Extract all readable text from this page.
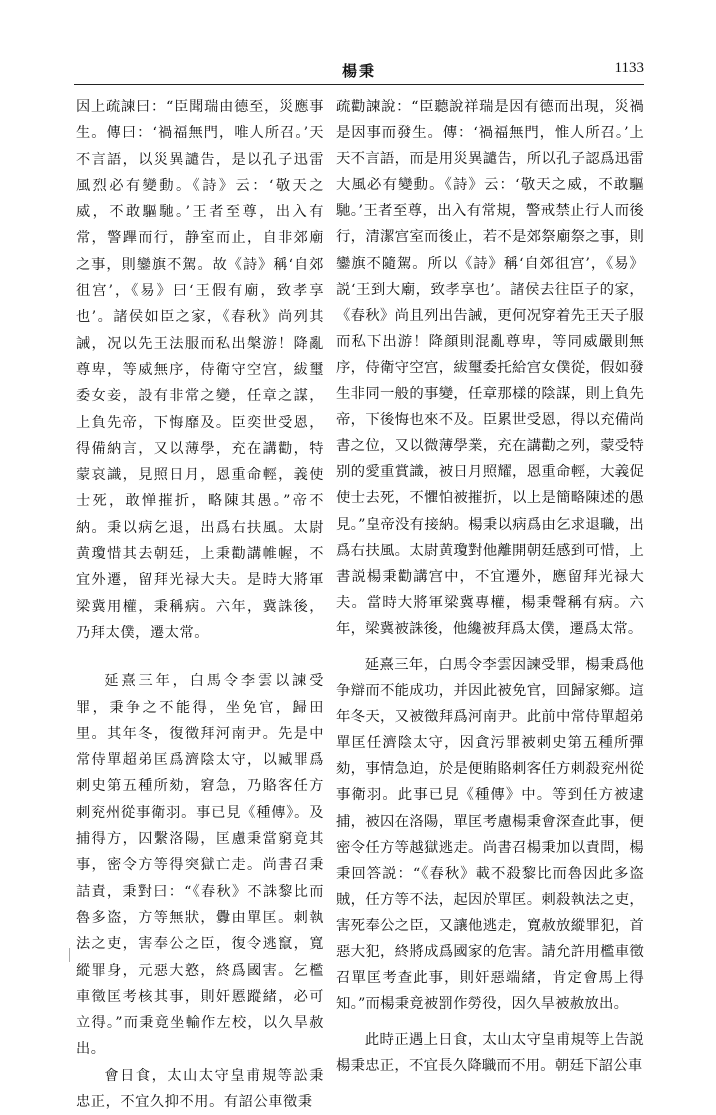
楊秉	1133

因上疏諫曰：“臣聞瑞由德至，災應事生。傳曰：‘禍福無門，唯人所召。’天不言語，以災異譴告，是以孔子迅雷風烈必有變動。《詩》云：‘敬天之威，不敢驅馳。’王者至尊，出入有常，警蹕而行，静室而止，自非郊廟之事，則鑾旗不駕。故《詩》稱‘自郊徂宫’，《易》曰‘王假有廟，致孝享也’。諸侯如臣之家，《春秋》尚列其誡，况以先王法服而私出槃游！降亂尊卑，等威無序，侍衛守空宫，紱璽委女妾，設有非常之變，任章之謀，上負先帝，下悔靡及。臣奕世受恩，得備納言，又以薄學，充在講勸，特蒙哀識，見照日月，恩重命輕，義使士死，敢惮摧折，略陳其愚。”帝不納。秉以病乞退，出爲右扶風。太尉黄瓊惜其去朝廷，上秉勸講帷幄，不宜外遷，留拜光禄大夫。是時大將軍梁冀用權，秉稱病。六年，冀誅後，乃拜太僕，遷太常。

延熹三年，白馬令李雲以諫受罪，秉争之不能得，坐免官，歸田里。其年冬，復徵拜河南尹。先是中常侍單超弟匡爲濟陰太守，以臧罪爲刺史第五種所劾，窘急，乃賂客任方刺兖州從事衛羽。事已見《種傳》。及捕得方，囚繫洛陽，匡慮秉當窮竟其事，密令方等得突獄亡走。尚書召秉詰責，秉對曰：“《春秋》不誅黎比而魯多盗，方等無狀，釁由單匡。刺執法之吏，害奉公之臣，復令逃竄，寬縱罪身，元惡大憝，終爲國害。乞檻車徵匡考核其事，則奸慝蹤緒，必可立得。”而秉竟坐輸作左校，以久旱赦出。

會日食，太山太守皇甫規等訟秉忠正，不宜久抑不用。有詔公車徵秉

疏勸諫說：“臣聽說祥瑞是因有德而出現，災禍是因事而發生。傳：‘禍福無門，惟人所召。’上天不言語，而是用災異譴告，所以孔子認爲迅雷大風必有變動。《詩》云：‘敬天之威，不敢驅馳。’王者至尊，出入有常規，警戒禁止行人而後行，清潔宫室而後止，若不是郊祭廟祭之事，則鑾旗不隨駕。所以《詩》稱‘自郊徂宫’，《易》説‘王到大廟，致孝享也’。諸侯去往臣子的家，《春秋》尚且列出告誡，更何况穿着先王天子服而私下出游！降顔則混亂尊卑，等同威嚴則無序，侍衛守空宫，紱璽委托給宫女僕從，假如發生非同一般的事變，任章那樣的陰謀，則上負先帝，下後悔也來不及。臣累世受恩，得以充備尚書之位，又以微薄學業，充在講勸之列，蒙受特别的愛重賞識，被日月照耀，恩重命輕，大義促使士去死，不懼怕被摧折，以上是簡略陳述的愚見。”皇帝没有接納。楊秉以病爲由乞求退職，出爲右扶風。太尉黄瓊對他離開朝廷感到可惜，上書説楊秉勸講宫中，不宜遷外，應留拜光禄大夫。當時大將軍梁冀專權，楊秉聲稱有病。六年，梁冀被誅後，他纔被拜爲太僕，遷爲太常。

延熹三年，白馬令李雲因諫受罪，楊秉爲他争辯而不能成功，并因此被免官，回歸家鄉。這年冬天，又被徵拜爲河南尹。此前中常侍單超弟單匡任濟陰太守，因貪污罪被刺史第五種所彈劾，事情急迫，於是便賄賂刺客任方刺殺兖州從事衛羽。此事已見《種傳》中。等到任方被逮捕，被囚在洛陽，單匡考慮楊秉會深查此事，便密令任方等越獄逃走。尚書召楊秉加以責問，楊秉回答説：“《春秋》載不殺黎比而魯因此多盗賊，任方等不法，起因於單匡。刺殺執法之吏，害死奉公之臣，又讓他逃走，寬赦放縱罪犯，首惡大犯，終將成爲國家的危害。請允許用檻車徵召單匡考查此事，則奸惡端緒，肯定會馬上得知。”而楊秉竟被罰作勞役，因久旱被赦放出。

此時正遇上日食，太山太守皇甫規等上告説楊秉忠正，不宜長久降職而不用。朝廷下詔公車
